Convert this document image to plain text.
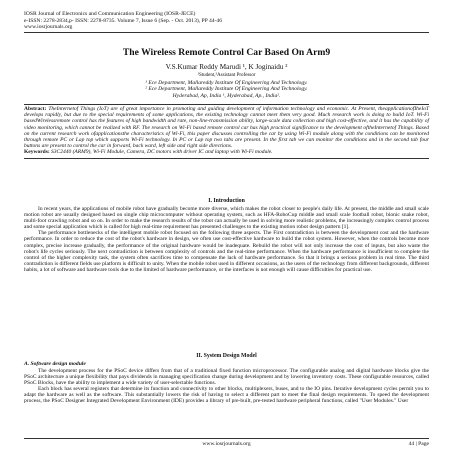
IOSR Journal of Electronics and Communication Engineering (IOSR-JECE)
e-ISSN: 2278-2834,p- ISSN: 2278-8735. Volume 7, Issue 6 (Sep. - Oct. 2013), PP 44-46
www.iosrjournals.org
The Wireless Remote Control Car Based On Arm9
V.S.Kumar Reddy Marudi ¹, K Joginaidu ²
¹Student,²Assistant Professor
¹ Ece Department, Mallareddy Institute Of Engineering And Technology.
² Ece Department, Mallareddy Institute Of Engineering And Technology.
Hyderabad, Ap, India ¹, Hyderabad, Ap., India².
Abstract: TheInternetof Things (IoT) are of great importance in promoting and guiding development of information technology and economic. At Present, theapplicationofIheIoT develops rapidly, but due to the special requirements of some applications, the existing technology cannot meet them very good. Much research work is doing to build IoT. Wi-Fi basedWirelessremote control has the features of high bandwidth and rate, non-line-transmission ability, large-scale data collection and high cost-effective, and it has the capability of video monitoring, which cannot be realized with RF. The research on Wi-Fi based remote control car has high practical significance to the development oftheInternetof Things. Based on the current research work ofapplicationsthe characteristics of Wi-Fi, this paper discusses controlling the car by using Wi-Fi module along with the conditions can be monitored through remote PC or Lap top which supports Wi-Fi technology. In PC or Lap top two tabs are present. In the first tab we can monitor the conditions and in the second tab four buttons are present to control the car in forward, back ward, left side and right side directions.
Keywords: S3C2440 (ARM9), Wi-Fi Module, Camera, DC motors with driver IC and laptop with Wi-Fi module.
I. Introduction

In recent years, the applications of mobile robot have gradually become more diverse, which makes the robot closer to people's daily life. At present, the middle and small scale motion robot are usually designed based on single chip microcomputer without operating system, such as HFA-RoboCup middle and small scale football robot, bionic snake robot, multi-foot crawling robot and so on. In order to make the research results of the robot can actually be used in solving more realistic problems, the increasingly complex control process and some special application which is called for high real-time requirement has presented challenges to the existing motion robot design pattern [1].

The performance bottlenecks of the intelligent mobile robot focused on the following three aspects. The First contradiction is between the development cost and the hardware performance. In order to reduce the cost of the robot's hardware in design, we often use cost-effective hardware to build the robot system. However, when the controls become more complex, precise increase gradually, the performance of the original hardware would be inadequate. Rebuild the robot will not only increase the cost of inputs, but also waste the robot's life cycles seriously. The next contradiction is between complexity of controls and the real-time performance. When the hardware performance is insufficient to complete the control of the higher complexity task, the system often sacrifices time to compensate the lack of hardware performance. So that it brings a serious problem in real time. The third contradiction is different fields use platform is difficult to unity. When the mobile robot used in different occasions, as the users of the technology from different backgrounds, different habits, a lot of software and hardware tools due to the limited of hardware performance, or the interfaces is not enough will cause difficulties for practical use.

II. System Design Model
A. Software design module

The development process for the PSoC device differs from that of a traditional fixed function microprocessor. The configurable analog and digital hardware blocks give the PSoC architecture a unique flexibility that pays dividends in managing specification change during development and by lowering inventory costs. These configurable resources, called PSoC Blocks, have the ability to implement a wide variety of user-selectable functions.

Each block has several registers that determine its function and connectivity to other blocks, multiplexers, buses, and to the IO pins. Iterative development cycles permit you to adapt the hardware as well as the software. This substantially lowers the risk of having to select a different part to meet the final design requirements. To speed the development process, the PSoC Designer Integrated Development Environment (IDE) provides a library of pre-built, pre-tested hardware peripheral functions, called "User Modules." User

www.iosrjournals.org	44 | Page
